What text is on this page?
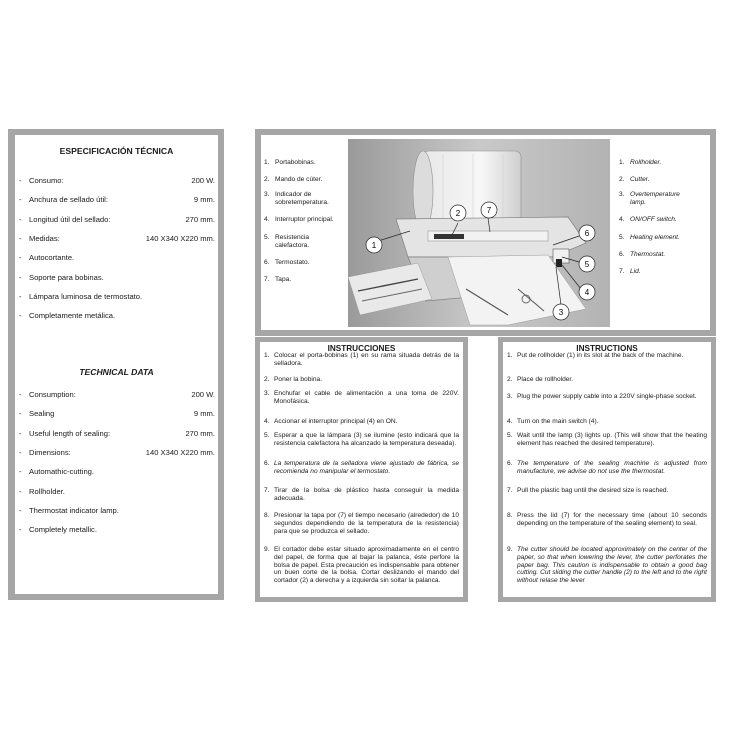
ESPECIFICACIÓN TÉCNICA
- Consumo:	200 W.
- Anchura de sellado útil:	9 mm.
- Longitud útil del sellado:	270 mm.
- Medidas:	140 X340 X220 mm.
- Autocortante.
- Soporte para bobinas.
- Lámpara luminosa de termostato.
- Completamente metálica.
TECHNICAL DATA
- Consumption:	200 W.
- Sealing	9 mm.
- Useful length of sealing:	270 mm.
- Dimensions:	140 X340 X220 mm.
- Automathic-cutting.
- Rollholder.
- Thermostat indicator lamp.
- Completely metallic.
1. Portabobinas.
2. Mando de cúter.
3. Indicador de
sobretemperatura.
4. Interruptor principal.
5. Resistencia
calefactora.
6. Termostato.
7. Tapa.
1
2	7
6
5
4
3
1. Rollholder.
2. Cutter.
3. Overtemperature
lamp.
4. ON/OFF switch.
5. Heating element.
6. Thermostat.
7. Lid.
INSTRUCCIONES
1. Colocar el porta-bobinas (1) en su rama situada detrás de la selladora.
2. Poner la bobina.
3. Enchufar el cable de alimentación a una toma de 220V. Monofásica.
4. Accionar el interruptor principal (4) en ON.
5. Esperar a que la lámpara (3) se ilumine (esto indicará que la resistencia calefactora ha alcanzado la temperatura deseada).
6. La temperatura de la selladora viene ajustado de fábrica, se recomienda no manipular el termostato.
7. Tirar de la bolsa de plástico hasta conseguir la medida adecuada.
8. Presionar la tapa por (7) el tiempo necesario (alrededor) de 10 segundos dependiendo de la temperatura de la resistencia) para que se produzca el sellado.
9. El cortador debe estar situado aproximadamente en el centro del papel, de forma que al bajar la palanca, éste perfore la bolsa de papel. Esta precaución es indispensable para obtener un buen corte de la bolsa. Cortar deslizando el mando del cortador (2) a derecha y a izquierda sin soltar la palanca.
INSTRUCTIONS
1. Put de rollholder (1) in its slot at the back of the machine.
2. Place de rollholder.
3. Plug the power supply cable into a 220V single-phase socket.
4. Turn on the main switch (4).
5. Wait until the lamp (3) lights up. (This will show that the heating element has reached the desired temperature).
6. The temperature of the sealing machine is adjusted from manufacture, we advise do not use the thermostat.
7. Pull the plastic bag until the desired size is reached.
8. Press the lid (7) for the necessary time (about 10 seconds depending on the temperature of the sealing element) to seal.
9. The cutter should be located approximately on the center of the paper, so that when lowering the lever, the cutter perforates the paper bag. This caution is indispensable to obtain a good bag cutting. Cut sliding the cutter handle (2) to the left and to the right without relase the lever
